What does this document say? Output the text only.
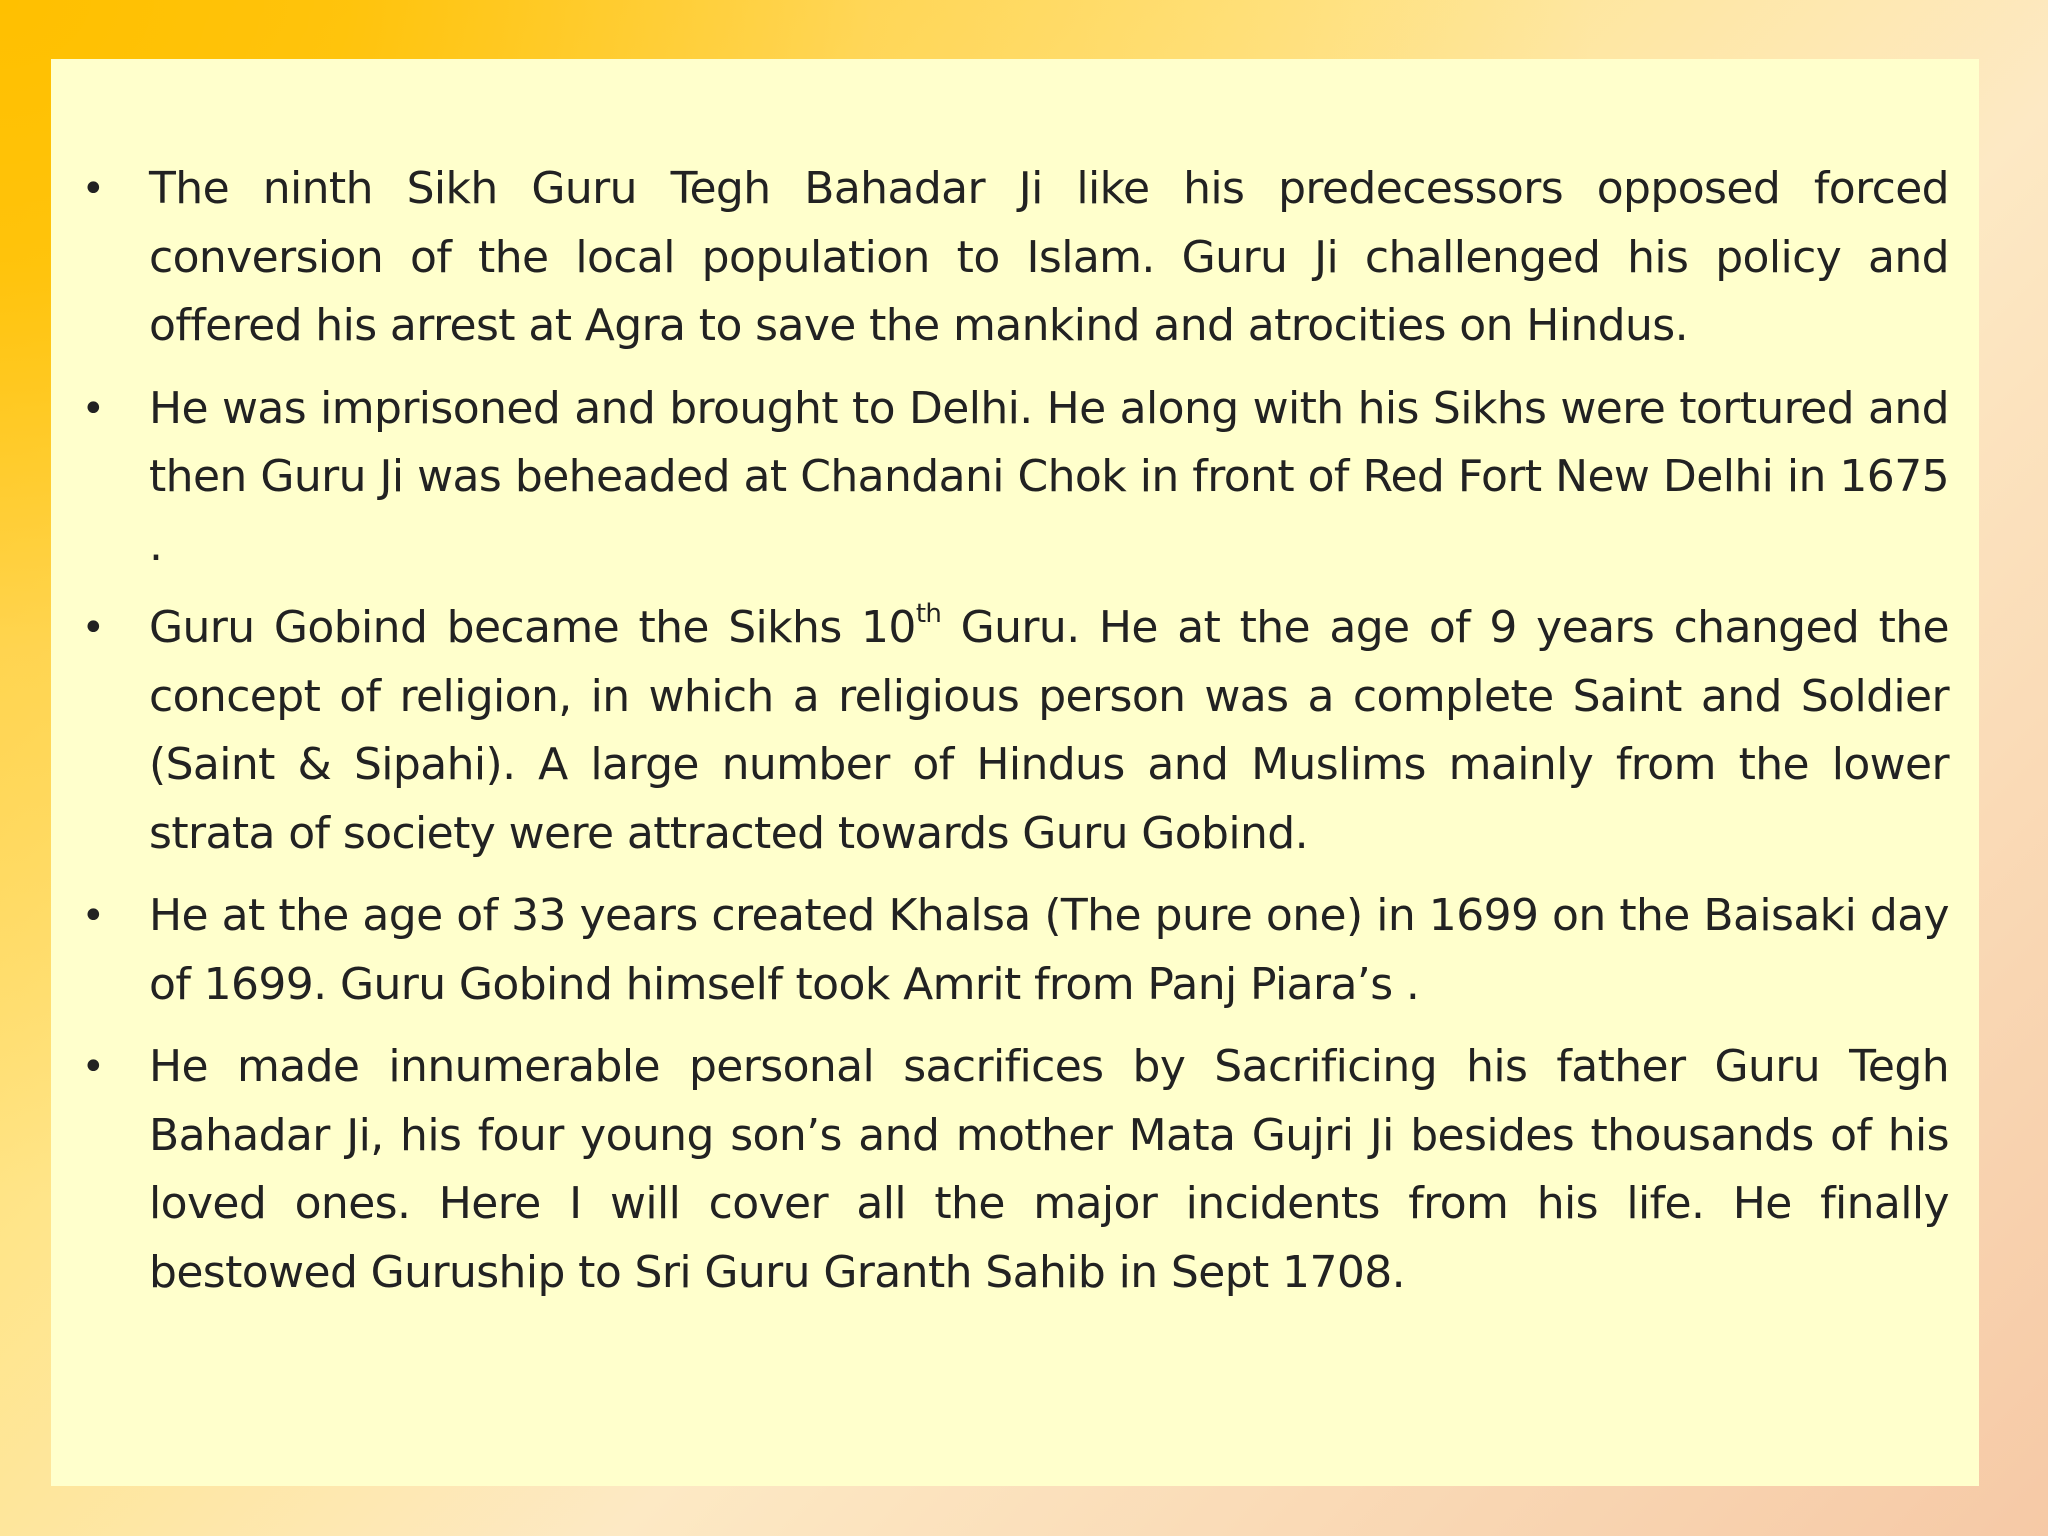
• The ninth Sikh Guru Tegh Bahadar Ji like his predecessors opposed forced conversion of the local population to Islam. Guru Ji challenged his policy and offered his arrest at Agra to save the mankind and atrocities on Hindus.
• He was imprisoned and brought to Delhi. He along with his Sikhs were tortured and then Guru Ji was beheaded at Chandani Chok in front of Red Fort New Delhi in 1675 .
• Guru Gobind became the Sikhs 10th Guru. He at the age of 9 years changed the concept of religion, in which a religious person was a complete Saint and Soldier (Saint & Sipahi). A large number of Hindus and Muslims mainly from the lower strata of society were attracted towards Guru Gobind.
• He at the age of 33 years created Khalsa (The pure one) in 1699 on the Baisaki day of 1699. Guru Gobind himself took Amrit from Panj Piara’s .
• He made innumerable personal sacrifices by Sacrificing his father Guru Tegh Bahadar Ji, his four young son’s and mother Mata Gujri Ji besides thousands of his loved ones. Here I will cover all the major incidents from his life. He finally bestowed Guruship to Sri Guru Granth Sahib in Sept 1708.
